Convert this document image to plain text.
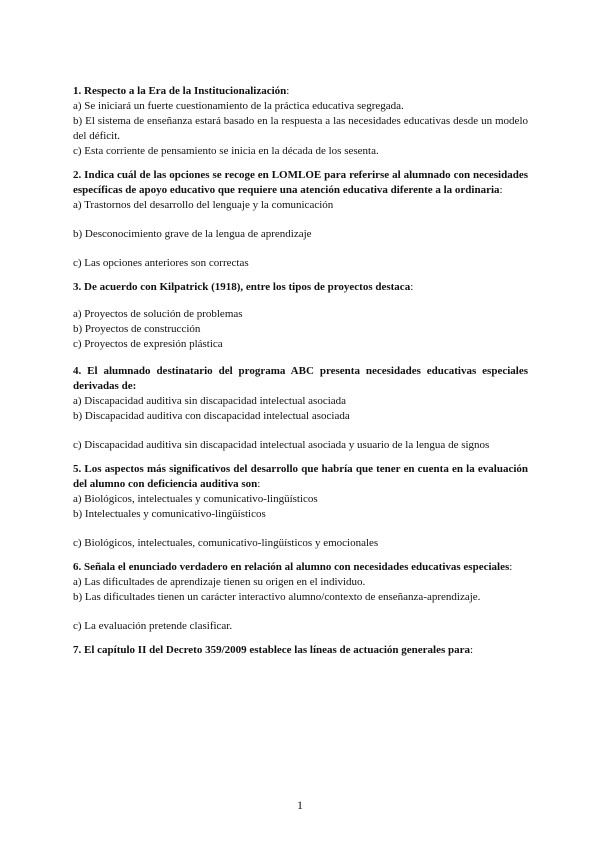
1. Respecto a la Era de la Institucionalización:
a) Se iniciará un fuerte cuestionamiento de la práctica educativa segregada.
b) El sistema de enseñanza estará basado en la respuesta a las necesidades educativas desde un modelo del déficit.
c) Esta corriente de pensamiento se inicia en la década de los sesenta.
2. Indica cuál de las opciones se recoge en LOMLOE para referirse al alumnado con necesidades específicas de apoyo educativo que requiere una atención educativa diferente a la ordinaria:
a) Trastornos del desarrollo del lenguaje y la comunicación
b) Desconocimiento grave de la lengua de aprendizaje
c) Las opciones anteriores son correctas
3. De acuerdo con Kilpatrick (1918), entre los tipos de proyectos destaca:
a) Proyectos de solución de problemas
b) Proyectos de construcción
c) Proyectos de expresión plástica
4. El alumnado destinatario del programa ABC presenta necesidades educativas especiales derivadas de:
a) Discapacidad auditiva sin discapacidad intelectual asociada
b) Discapacidad auditiva con discapacidad intelectual asociada
c) Discapacidad auditiva sin discapacidad intelectual asociada y usuario de la lengua de signos
5. Los aspectos más significativos del desarrollo que habría que tener en cuenta en la evaluación del alumno con deficiencia auditiva son:
a) Biológicos, intelectuales y comunicativo-lingüísticos
b) Intelectuales y comunicativo-lingüísticos
c) Biológicos, intelectuales, comunicativo-lingüísticos y emocionales
6. Señala el enunciado verdadero en relación al alumno con necesidades educativas especiales:
a) Las dificultades de aprendizaje tienen su origen en el individuo.
b) Las dificultades tienen un carácter interactivo alumno/contexto de enseñanza-aprendizaje.
c) La evaluación pretende clasificar.
7. El capítulo II del Decreto 359/2009 establece las líneas de actuación generales para:
1
